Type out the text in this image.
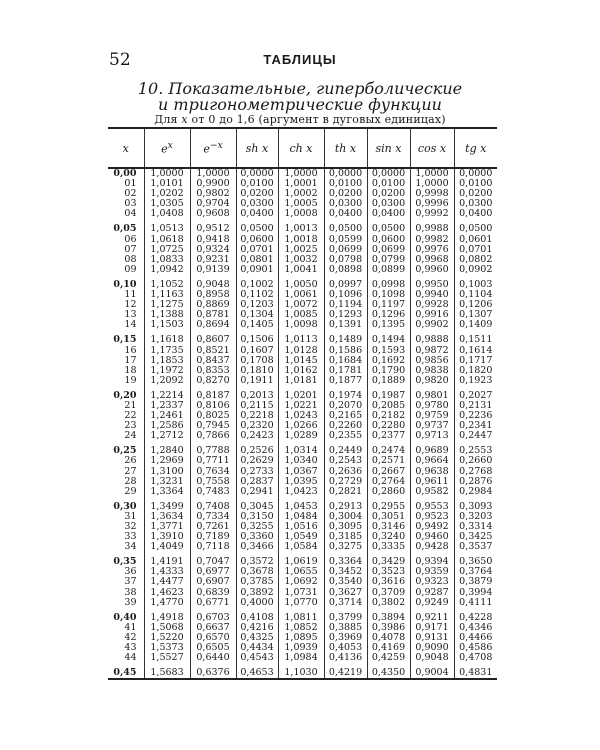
52	ТАБЛИЦЫ
10. Показательные, гиперболические
и тригонометрические функции
Для x от 0 до 1,6 (аргумент в дуговых единицах)
x	$e^x$	$e^{-x}$	sh x	ch x	th x	sin x	cos x	tg x
0,00	1,0000	1,0000	0,0000	1,0000	0,0000	0,0000	1,0000	0,0000
01	1,0101	0,9900	0,0100	1,0001	0,0100	0,0100	1,0000	0,0100
02	1,0202	0,9802	0,0200	1,0002	0,0200	0,0200	0,9998	0,0200
03	1,0305	0,9704	0,0300	1,0005	0,0300	0,0300	0,9996	0,0300
04	1,0408	0,9608	0,0400	1,0008	0,0400	0,0400	0,9992	0,0400
0,05	1,0513	0,9512	0,0500	1,0013	0,0500	0,0500	0,9988	0,0500
06	1,0618	0,9418	0,0600	1,0018	0,0599	0,0600	0,9982	0,0601
07	1,0725	0,9324	0,0701	1,0025	0,0699	0,0699	0,9976	0,0701
08	1,0833	0,9231	0,0801	1,0032	0,0798	0,0799	0,9968	0,0802
09	1,0942	0,9139	0,0901	1,0041	0,0898	0,0899	0,9960	0,0902
0,10	1,1052	0,9048	0,1002	1,0050	0,0997	0,0998	0,9950	0,1003
11	1,1163	0,8958	0,1102	1,0061	0,1096	0,1098	0,9940	0,1104
12	1,1275	0,8869	0,1203	1,0072	0,1194	0,1197	0,9928	0,1206
13	1,1388	0,8781	0,1304	1,0085	0,1293	0,1296	0,9916	0,1307
14	1,1503	0,8694	0,1405	1,0098	0,1391	0,1395	0,9902	0,1409
0,15	1,1618	0,8607	0,1506	1,0113	0,1489	0,1494	0,9888	0,1511
16	1,1735	0,8521	0,1607	1,0128	0,1586	0,1593	0,9872	0,1614
17	1,1853	0,8437	0,1708	1,0145	0,1684	0,1692	0,9856	0,1717
18	1,1972	0,8353	0,1810	1,0162	0,1781	0,1790	0,9838	0,1820
19	1,2092	0,8270	0,1911	1,0181	0,1877	0,1889	0,9820	0,1923
0,20	1,2214	0,8187	0,2013	1,0201	0,1974	0,1987	0,9801	0,2027
21	1,2337	0,8106	0,2115	1,0221	0,2070	0,2085	0,9780	0,2131
22	1,2461	0,8025	0,2218	1,0243	0,2165	0,2182	0,9759	0,2236
23	1,2586	0,7945	0,2320	1,0266	0,2260	0,2280	0,9737	0,2341
24	1,2712	0,7866	0,2423	1,0289	0,2355	0,2377	0,9713	0,2447
0,25	1,2840	0,7788	0,2526	1,0314	0,2449	0,2474	0,9689	0,2553
26	1,2969	0,7711	0,2629	1,0340	0,2543	0,2571	0,9664	0,2660
27	1,3100	0,7634	0,2733	1,0367	0,2636	0,2667	0,9638	0,2768
28	1,3231	0,7558	0,2837	1,0395	0,2729	0,2764	0,9611	0,2876
29	1,3364	0,7483	0,2941	1,0423	0,2821	0,2860	0,9582	0,2984
0,30	1,3499	0,7408	0,3045	1,0453	0,2913	0,2955	0,9553	0,3093
31	1,3634	0,7334	0,3150	1,0484	0,3004	0,3051	0,9523	0,3203
32	1,3771	0,7261	0,3255	1,0516	0,3095	0,3146	0,9492	0,3314
33	1,3910	0,7189	0,3360	1,0549	0,3185	0,3240	0,9460	0,3425
34	1,4049	0,7118	0,3466	1,0584	0,3275	0,3335	0,9428	0,3537
0,35	1,4191	0,7047	0,3572	1,0619	0,3364	0,3429	0,9394	0,3650
36	1,4333	0,6977	0,3678	1,0655	0,3452	0,3523	0,9359	0,3764
37	1,4477	0,6907	0,3785	1,0692	0,3540	0,3616	0,9323	0,3879
38	1,4623	0,6839	0,3892	1,0731	0,3627	0,3709	0,9287	0,3994
39	1,4770	0,6771	0,4000	1,0770	0,3714	0,3802	0,9249	0,4111
0,40	1,4918	0,6703	0,4108	1,0811	0,3799	0,3894	0,9211	0,4228
41	1,5068	0,6637	0,4216	1,0852	0,3885	0,3986	0,9171	0,4346
42	1,5220	0,6570	0,4325	1,0895	0,3969	0,4078	0,9131	0,4466
43	1,5373	0,6505	0,4434	1,0939	0,4053	0,4169	0,9090	0,4586
44	1,5527	0,6440	0,4543	1,0984	0,4136	0,4259	0,9048	0,4708
0,45	1,5683	0,6376	0,4653	1,1030	0,4219	0,4350	0,9004	0,4831
